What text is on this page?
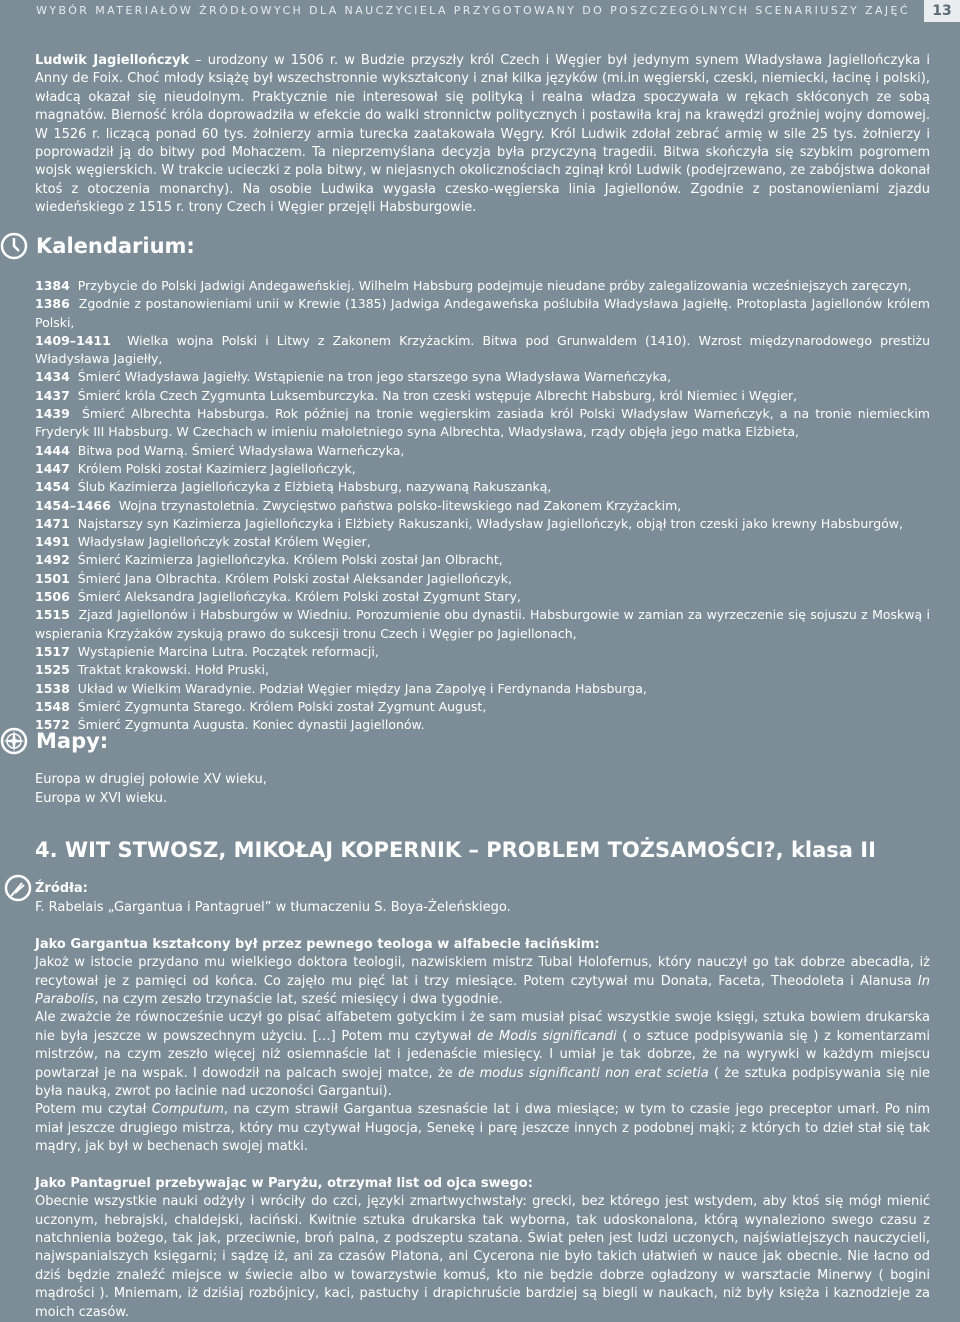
WYBÓR MATERIAŁÓW ŹRÓDŁOWYCH DLA NAUCZYCIELA PRZYGOTOWANY DO POSZCZEGÓLNYCH SCENARIUSZY ZAJĘĆ	13

Ludwik Jagiellończyk – urodzony w 1506 r. w Budzie przyszły król Czech i Węgier był jedynym synem Władysława Jagiellończyka i Anny de Foix. Choć młody książę był wszechstronnie wykształcony i znał kilka języków (mi.in węgierski, czeski, niemiecki, łacinę i polski), władcą okazał się nieudolnym. Praktycznie nie interesował się polityką i realna władza spoczywała w rękach skłóconych ze sobą magnatów. Bierność króla doprowadziła w efekcie do walki stronnictw politycznych i postawiła kraj na krawędzi groźniej wojny domowej. W 1526 r. liczącą ponad 60 tys. żołnierzy armia turecka zaatakowała Węgry. Król Ludwik zdołał zebrać armię w sile 25 tys. żołnierzy i poprowadził ją do bitwy pod Mohaczem. Ta nieprzemyślana decyzja była przyczyną tragedii. Bitwa skończyła się szybkim pogromem wojsk węgierskich. W trakcie ucieczki z pola bitwy, w niejasnych okolicznościach zginął król Ludwik (podejrzewano, ze zabójstwa dokonał ktoś z otoczenia monarchy). Na osobie Ludwika wygasła czesko-węgierska linia Jagiellonów. Zgodnie z postanowieniami zjazdu wiedeńskiego z 1515 r. trony Czech i Węgier przejęli Habsburgowie.

Kalendarium:
1384 Przybycie do Polski Jadwigi Andegaweńskiej. Wilhelm Habsburg podejmuje nieudane próby zalegalizowania wcześniejszych zaręczyn,
1386 Zgodnie z postanowieniami unii w Krewie (1385) Jadwiga Andegaweńska poślubiła Władysława Jagiełłę. Protoplasta Jagiellonów królem Polski,
1409–1411 Wielka wojna Polski i Litwy z Zakonem Krzyżackim. Bitwa pod Grunwaldem (1410). Wzrost międzynarodowego prestiżu Władysława Jagiełły,
1434 Śmierć Władysława Jagiełły. Wstąpienie na tron jego starszego syna Władysława Warneńczyka,
1437 Śmierć króla Czech Zygmunta Luksemburczyka. Na tron czeski wstępuje Albrecht Habsburg, król Niemiec i Węgier,
1439 Śmierć Albrechta Habsburga. Rok później na tronie węgierskim zasiada król Polski Władysław Warneńczyk, a na tronie niemieckim Fryderyk III Habsburg. W Czechach w imieniu małoletniego syna Albrechta, Władysława, rządy objęła jego matka Elżbieta,
1444 Bitwa pod Warną. Śmierć Władysława Warneńczyka,
1447 Królem Polski został Kazimierz Jagiellończyk,
1454 Ślub Kazimierza Jagiellończyka z Elżbietą Habsburg, nazywaną Rakuszanką,
1454–1466 Wojna trzynastoletnia. Zwycięstwo państwa polsko-litewskiego nad Zakonem Krzyżackim,
1471 Najstarszy syn Kazimierza Jagiellończyka i Elżbiety Rakuszanki, Władysław Jagiellończyk, objął tron czeski jako krewny Habsburgów,
1491 Władysław Jagiellończyk został Królem Węgier,
1492 Śmierć Kazimierza Jagiellończyka. Królem Polski został Jan Olbracht,
1501 Śmierć Jana Olbrachta. Królem Polski został Aleksander Jagiellończyk,
1506 Śmierć Aleksandra Jagiellończyka. Królem Polski został Zygmunt Stary,
1515 Zjazd Jagiellonów i Habsburgów w Wiedniu. Porozumienie obu dynastii. Habsburgowie w zamian za wyrzeczenie się sojuszu z Moskwą i wspierania Krzyżaków zyskują prawo do sukcesji tronu Czech i Węgier po Jagiellonach,
1517 Wystąpienie Marcina Lutra. Początek reformacji,
1525 Traktat krakowski. Hołd Pruski,
1538 Układ w Wielkim Waradynie. Podział Węgier między Jana Zapolyę i Ferdynanda Habsburga,
1548 Śmierć Zygmunta Starego. Królem Polski został Zygmunt August,
1572 Śmierć Zygmunta Augusta. Koniec dynastii Jagiellonów.
Mapy:
Europa w drugiej połowie XV wieku,
Europa w XVI wieku.
4. WIT STWOSZ, MIKOŁAJ KOPERNIK – PROBLEM TOŻSAMOŚCI?, klasa II
Źródła:
F. Rabelais „Gargantua i Pantagruel” w tłumaczeniu S. Boya-Żeleńskiego.
Jako Gargantua kształcony był przez pewnego teologa w alfabecie łacińskim:

Jakoż w istocie przydano mu wielkiego doktora teologii, nazwiskiem mistrz Tubal Holofernus, który nauczył go tak dobrze abecadła, iż recytował je z pamięci od końca. Co zajęło mu pięć lat i trzy miesiące. Potem czytywał mu Donata, Faceta, Theodoleta i Alanusa In Parabolis, na czym zeszło trzynaście lat, sześć miesięcy i dwa tygodnie.

Ale zważcie że równocześnie uczył go pisać alfabetem gotyckim i że sam musiał pisać wszystkie swoje księgi, sztuka bowiem drukarska nie była jeszcze w powszechnym użyciu. […] Potem mu czytywał de Modis significandi ( o sztuce podpisywania się ) z komentarzami mistrzów, na czym zeszło więcej niż osiemnaście lat i jedenaście miesięcy. I umiał je tak dobrze, że na wyrywki w każdym miejscu powtarzał je na wspak. I dowodził na palcach swojej matce, że de modus significanti non erat scietia ( że sztuka podpisywania się nie była nauką, zwrot po łacinie nad uczoności Gargantui).

Potem mu czytał Computum, na czym strawił Gargantua szesnaście lat i dwa miesiące; w tym to czasie jego preceptor umarł. Po nim miał jeszcze drugiego mistrza, który mu czytywał Hugocja, Senekę i parę jeszcze innych z podobnej mąki; z których to dzieł stał się tak mądry, jak był w bechenach swojej matki.

Jako Pantagruel przebywając w Paryżu, otrzymał list od ojca swego:

Obecnie wszystkie nauki odżyły i wróciły do czci, języki zmartwychwstały: grecki, bez którego jest wstydem, aby ktoś się mógł mienić uczonym, hebrajski, chaldejski, łaciński. Kwitnie sztuka drukarska tak wyborna, tak udoskonalona, którą wynaleziono swego czasu z natchnienia bożego, tak jak, przeciwnie, broń palna, z podszeptu szatana. Świat pełen jest ludzi uczonych, najświatlejszych nauczycieli, najwspanialszych księgarni; i sądzę iż, ani za czasów Platona, ani Cycerona nie było takich ułatwień w nauce jak obecnie. Nie łacno od dziś będzie znaleźć miejsce w świecie albo w towarzystwie komuś, kto nie będzie dobrze ogładzony w warsztacie Minerwy ( bogini mądrości ). Mniemam, iż dziśiaj rozbójnicy, kaci, pastuchy i drapichruście bardziej są biegli w naukach, niż były księża i kaznodzieje za moich czasów.
